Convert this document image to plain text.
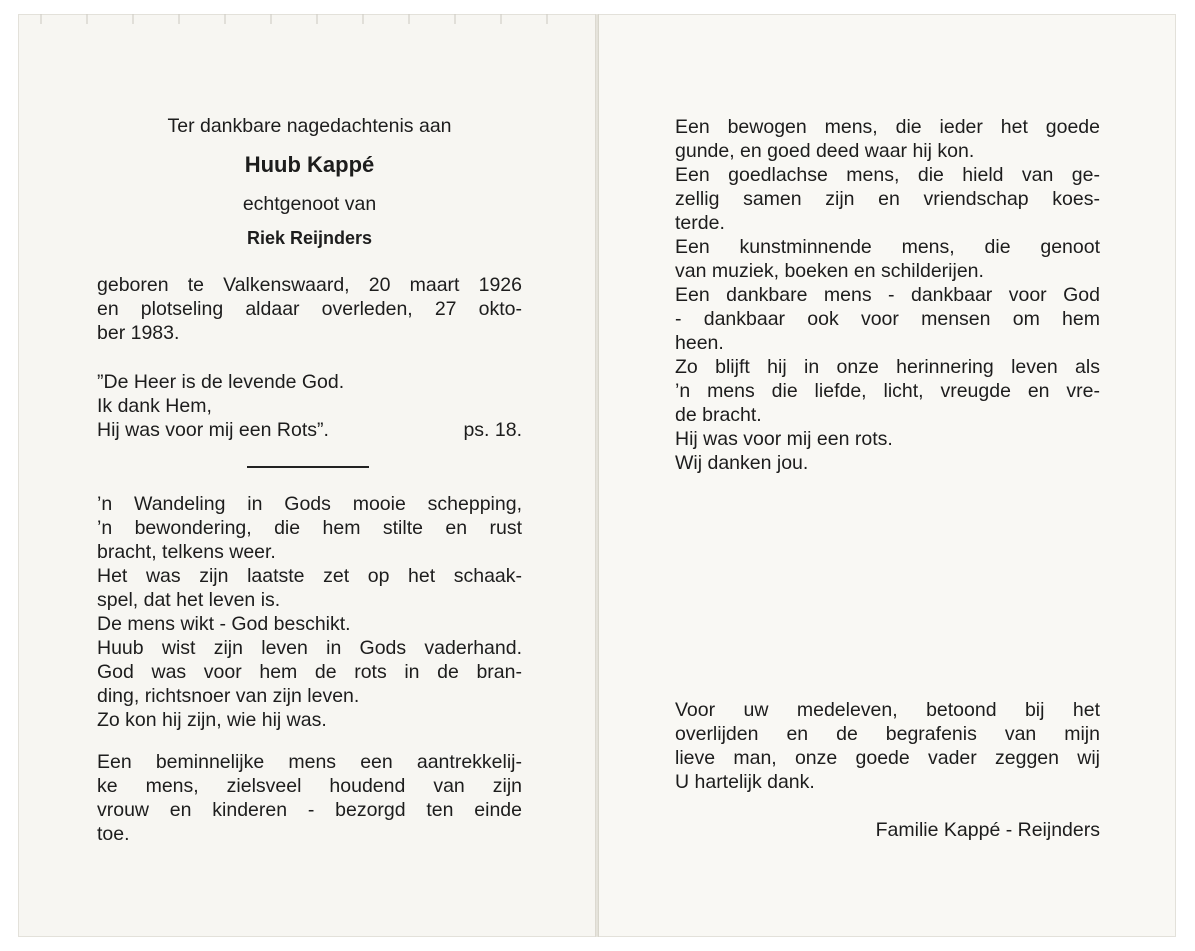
Ter dankbare nagedachtenis aan
Huub Kappé
echtgenoot van
Riek Reijnders
geboren te Valkenswaard, 20 maart 1926
en plotseling aldaar overleden, 27 okto-
ber 1983.
”De Heer is de levende God.
Ik dank Hem,
Hij was voor mij een Rots”.	ps. 18.
’n Wandeling in Gods mooie schepping,
’n bewondering, die hem stilte en rust
bracht, telkens weer.
Het was zijn laatste zet op het schaak-
spel, dat het leven is.
De mens wikt - God beschikt.
Huub wist zijn leven in Gods vaderhand.
God was voor hem de rots in de bran-
ding, richtsnoer van zijn leven.
Zo kon hij zijn, wie hij was.
Een beminnelijke mens een aantrekkelij-
ke mens, zielsveel houdend van zijn
vrouw en kinderen - bezorgd ten einde
toe.
Een bewogen mens, die ieder het goede
gunde, en goed deed waar hij kon.
Een goedlachse mens, die hield van ge-
zellig samen zijn en vriendschap koes-
terde.
Een kunstminnende mens, die genoot
van muziek, boeken en schilderijen.
Een dankbare mens - dankbaar voor God
- dankbaar ook voor mensen om hem
heen.
Zo blijft hij in onze herinnering leven als
’n mens die liefde, licht, vreugde en vre-
de bracht.
Hij was voor mij een rots.
Wij danken jou.
Voor uw medeleven, betoond bij het
overlijden en de begrafenis van mijn
lieve man, onze goede vader zeggen wij
U hartelijk dank.
Familie Kappé - Reijnders
